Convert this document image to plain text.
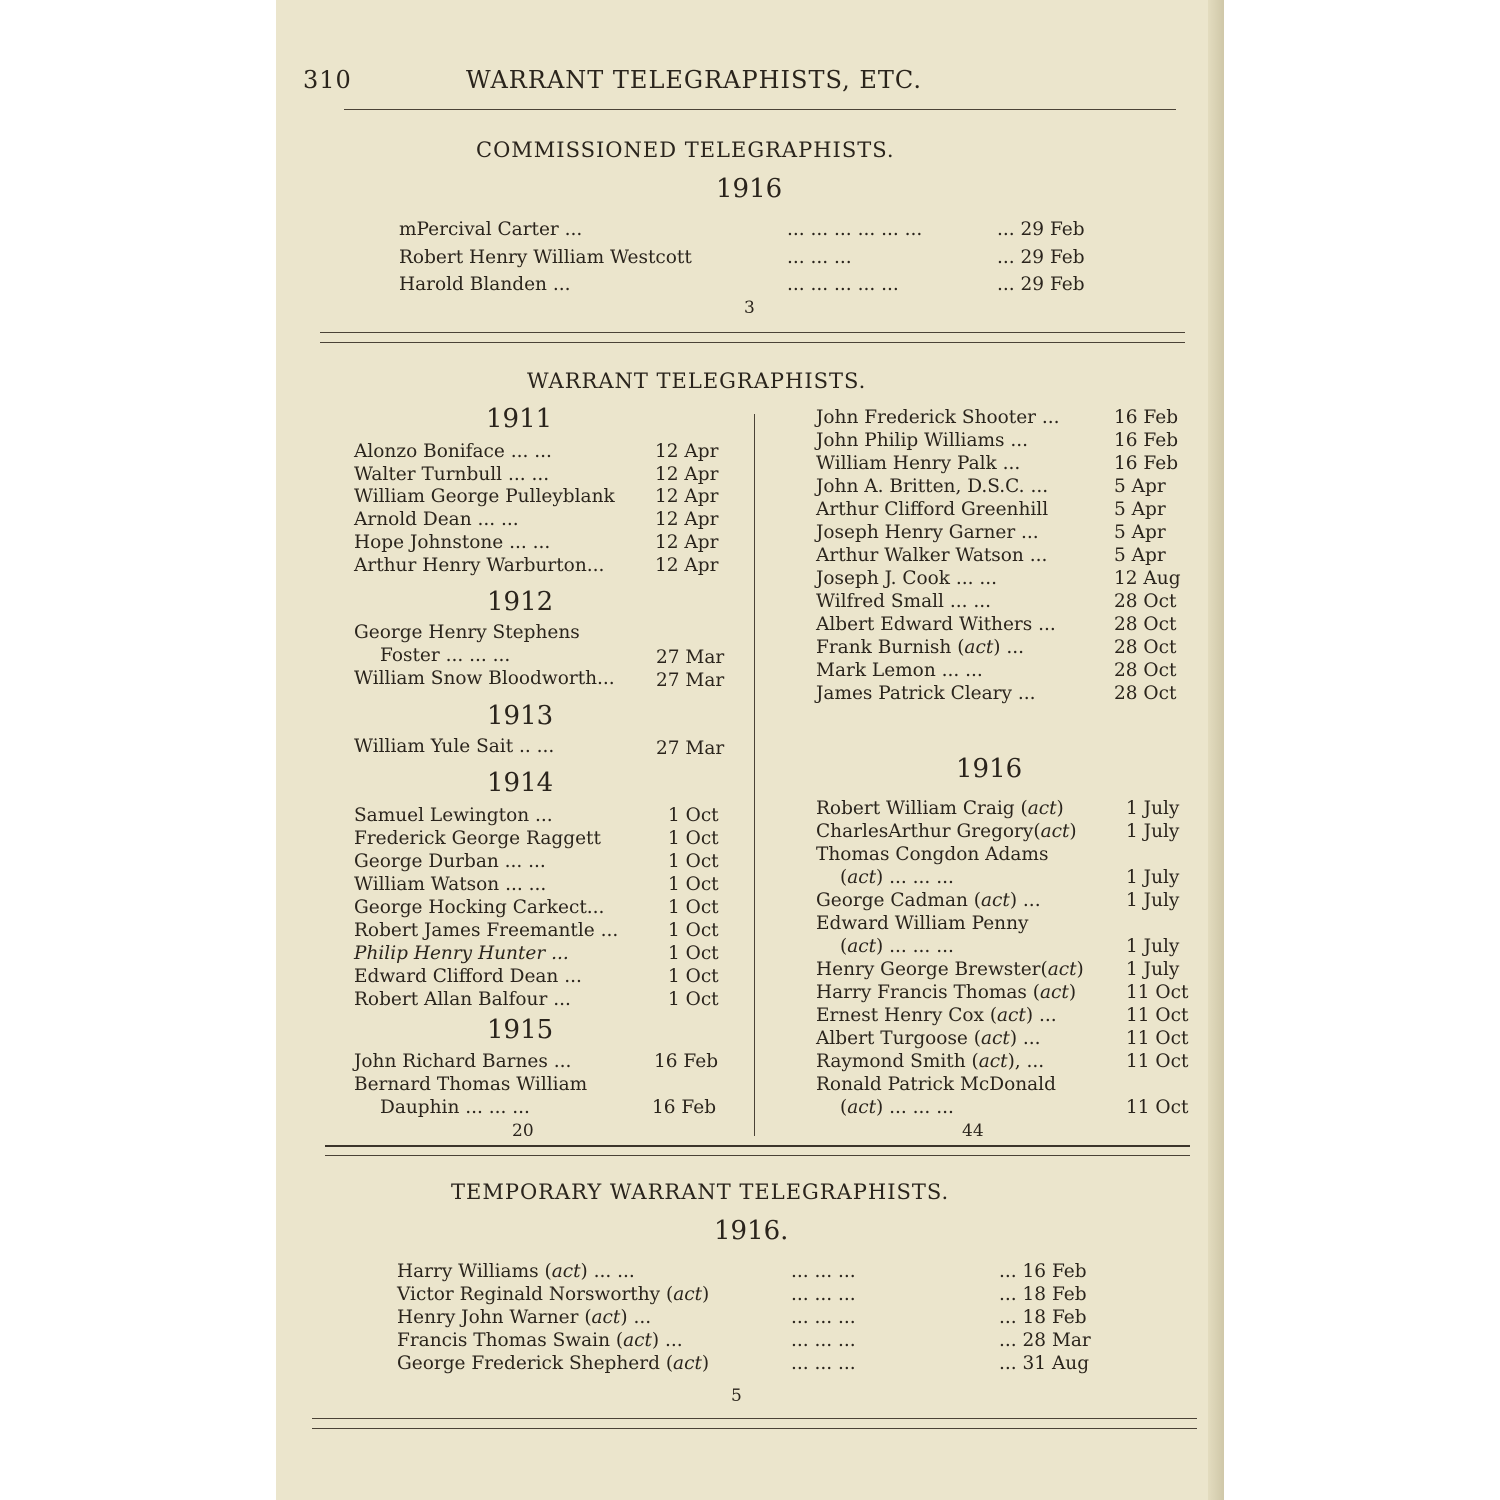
310	WARRANT TELEGRAPHISTS, ETC.
COMMISSIONED TELEGRAPHISTS.
1916
mPercival Carter ...	... ... ... ... ... ...	... 29 Feb
Robert Henry William Westcott	... ... ...	... 29 Feb
Harold Blanden ...	... ... ... ... ...	... 29 Feb
3
WARRANT TELEGRAPHISTS.
1911
Alonzo Boniface ... ...	12 Apr
Walter Turnbull ... ...	12 Apr
William George Pulleyblank 12 Apr
Arnold Dean ... ...	12 Apr
Hope Johnstone ... ...	12 Apr
Arthur Henry Warburton...	12 Apr
1912
George Henry Stephens
Foster ... ... ...	27 Mar
William Snow Bloodworth... 27 Mar
1913
William Yule Sait .. ...	27 Mar
1914
Samuel Lewington ...	1 Oct
Frederick George Raggett	1 Oct
George Durban ... ...	1 Oct
William Watson ... ...	1 Oct
George Hocking Carkect...	1 Oct
Robert James Freemantle ...	1 Oct
Philip Henry Hunter ...	1 Oct
Edward Clifford Dean ...	1 Oct
Robert Allan Balfour ...	1 Oct
1915
John Richard Barnes ...	16 Feb
Bernard Thomas William
Dauphin ... ... ...	16 Feb
20
John Frederick Shooter ...	16 Feb
John Philip Williams ...	16 Feb
William Henry Palk ...	16 Feb
John A. Britten, D.S.C. ...	5 Apr
Arthur Clifford Greenhill	5 Apr
Joseph Henry Garner ...	5 Apr
Arthur Walker Watson ...	5 Apr
Joseph J. Cook ... ...	12 Aug
Wilfred Small ... ...	28 Oct
Albert Edward Withers ...	28 Oct
Frank Burnish (act) ...	28 Oct
Mark Lemon ... ...	28 Oct
James Patrick Cleary ...	28 Oct
1916
Robert William Craig (act)	1 July
CharlesArthur Gregory(act)	1 July
Thomas Congdon Adams
(act) ... ... ...	1 July
George Cadman (act) ...	1 July
Edward William Penny
(act) ... ... ...	1 July
Henry George Brewster(act) 1 July
Harry Francis Thomas (act)	11 Oct
Ernest Henry Cox (act) ...	11 Oct
Albert Turgoose (act) ...	11 Oct
Raymond Smith (act), ...	11 Oct
Ronald Patrick McDonald
(act) ... ... ...	11 Oct
44
TEMPORARY WARRANT TELEGRAPHISTS.
1916.
Harry Williams (act) ... ...	... ... ...	... 16 Feb
Victor Reginald Norsworthy (act)	... ... ...	... 18 Feb
Henry John Warner (act) ...	... ... ...	... 18 Feb
Francis Thomas Swain (act) ...	... ... ...	... 28 Mar
George Frederick Shepherd (act)	... ... ...	... 31 Aug
5
